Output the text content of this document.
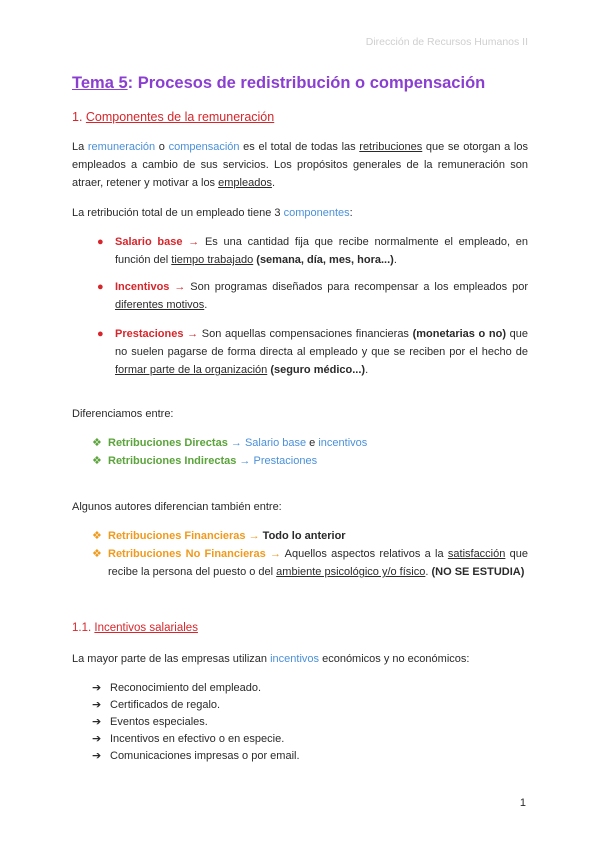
Dirección de Recursos Humanos II
Tema 5: Procesos de redistribución o compensación
1. Componentes de la remuneración
La remuneración o compensación es el total de todas las retribuciones que se otorgan a los
empleados a cambio de sus servicios. Los propósitos generales de la remuneración son
atraer, retener y motivar a los empleados.
La retribución total de un empleado tiene 3 componentes:
● Salario base → Es una cantidad fija que recibe normalmente el empleado, en
función del tiempo trabajado (semana, día, mes, hora...).
● Incentivos → Son programas diseñados para recompensar a los empleados por
diferentes motivos.
● Prestaciones → Son aquellas compensaciones financieras (monetarias o no) que
no suelen pagarse de forma directa al empleado y que se reciben por el hecho de
formar parte de la organización (seguro médico...).
Diferenciamos entre:
❖ Retribuciones Directas → Salario base e incentivos
❖ Retribuciones Indirectas → Prestaciones
Algunos autores diferencian también entre:
❖ Retribuciones Financieras → Todo lo anterior
❖ Retribuciones No Financieras → Aquellos aspectos relativos a la satisfacción que
recibe la persona del puesto o del ambiente psicológico y/o físico. (NO SE ESTUDIA)
1.1. Incentivos salariales
La mayor parte de las empresas utilizan incentivos económicos y no económicos:
➔ Reconocimiento del empleado.
➔ Certificados de regalo.
➔ Eventos especiales.
➔ Incentivos en efectivo o en especie.
➔ Comunicaciones impresas o por email.
1
